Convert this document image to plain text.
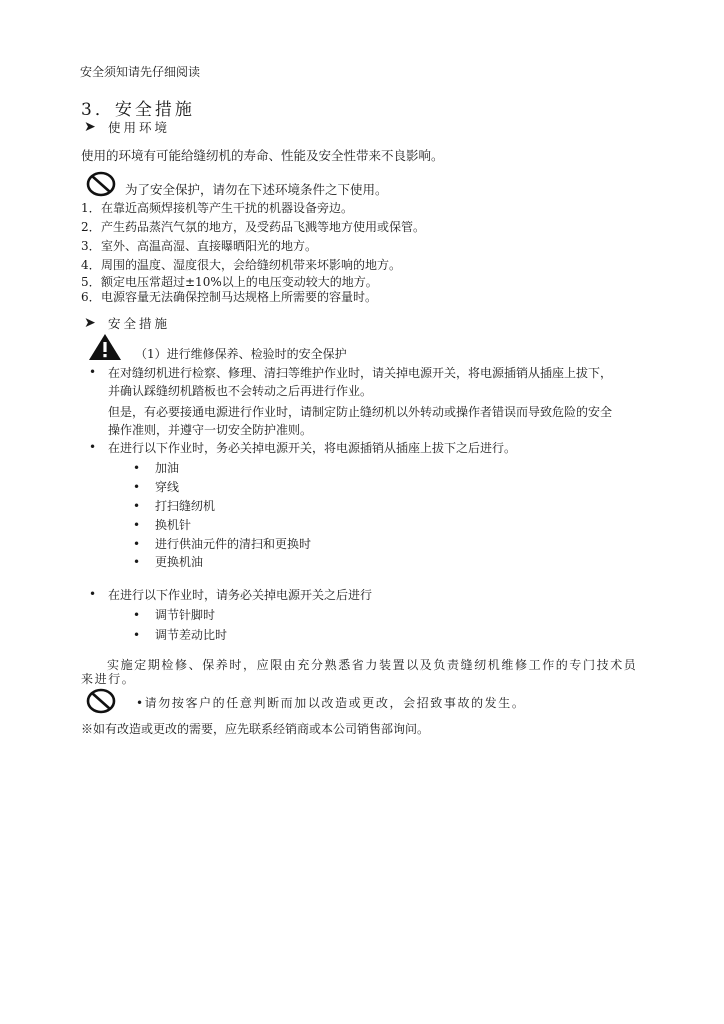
安全须知请先仔细阅读
3．安全措施
➤ 使用环境
使用的环境有可能给缝纫机的寿命、性能及安全性带来不良影响。
为了安全保护，请勿在下述环境条件之下使用。
1．在靠近高频焊接机等产生干扰的机器设备旁边。
2．产生药品蒸汽气氛的地方，及受药品飞溅等地方使用或保管。
3．室外、高温高湿、直接曝晒阳光的地方。
4．周围的温度、湿度很大，会给缝纫机带来坏影响的地方。
5．额定电压常超过±10%以上的电压变动较大的地方。
6．电源容量无法确保控制马达规格上所需要的容量时。
➤ 安全措施
（1）进行维修保养、检验时的安全保护
• 在对缝纫机进行检察、修理、清扫等维护作业时，请关掉电源开关，将电源插销从插座上拔下，
并确认踩缝纫机踏板也不会转动之后再进行作业。
但是，有必要接通电源进行作业时，请制定防止缝纫机以外转动或操作者错误而导致危险的安全
操作准则，并遵守一切安全防护准则。
• 在进行以下作业时，务必关掉电源开关，将电源插销从插座上拔下之后进行。
• 加油
• 穿线
• 打扫缝纫机
• 换机针
• 进行供油元件的清扫和更换时
• 更换机油
• 在进行以下作业时，请务必关掉电源开关之后进行
• 调节针脚时
• 调节差动比时
实施定期检修、保养时，应限由充分熟悉省力装置以及负责缝纫机维修工作的专门技术员
来进行。
•请勿按客户的任意判断而加以改造或更改，会招致事故的发生。
※如有改造或更改的需要，应先联系经销商或本公司销售部询问。
